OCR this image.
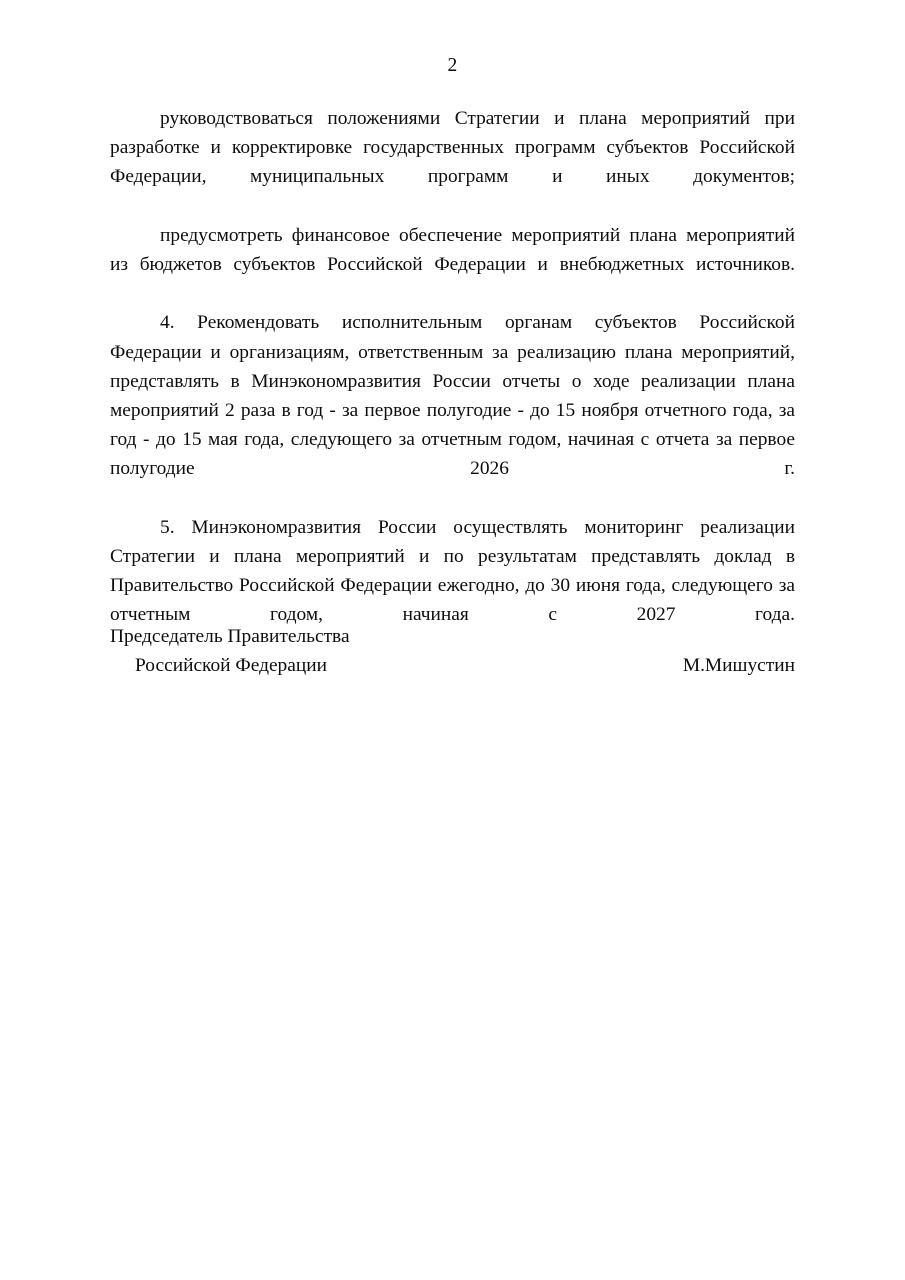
2

руководствоваться положениями Стратегии и плана мероприятий при разработке и корректировке государственных программ субъектов Российской Федерации, муниципальных программ и иных документов;

предусмотреть финансовое обеспечение мероприятий плана мероприятий из бюджетов субъектов Российской Федерации и внебюджетных источников.

4. Рекомендовать исполнительным органам субъектов Российской Федерации и организациям, ответственным за реализацию плана мероприятий, представлять в Минэкономразвития России отчеты о ходе реализации плана мероприятий 2 раза в год - за первое полугодие - до 15 ноября отчетного года, за год - до 15 мая года, следующего за отчетным годом, начиная с отчета за первое полугодие 2026 г.

5. Минэкономразвития России осуществлять мониторинг реализации Стратегии и плана мероприятий и по результатам представлять доклад в Правительство Российской Федерации ежегодно, до 30 июня года, следующего за отчетным годом, начиная с 2027 года.

Председатель Правительства
Российской Федерации	М.Мишустин
